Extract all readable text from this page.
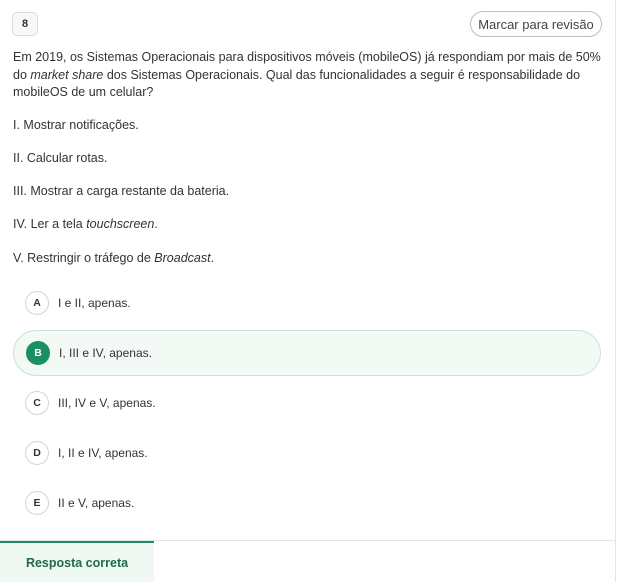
8	Marcar para revisão
Em 2019, os Sistemas Operacionais para dispositivos móveis (mobileOS) já respondiam por mais de 50% do market share dos Sistemas Operacionais. Qual das funcionalidades a seguir é responsabilidade do mobileOS de um celular?
I. Mostrar notificações.
II. Calcular rotas.
III. Mostrar a carga restante da bateria.
IV. Ler a tela touchscreen.
V. Restringir o tráfego de Broadcast.
A	I e II, apenas.
B	I, III e IV, apenas.
C	III, IV e V, apenas.
D	I, II e IV, apenas.
E	II e V, apenas.
Resposta correta
